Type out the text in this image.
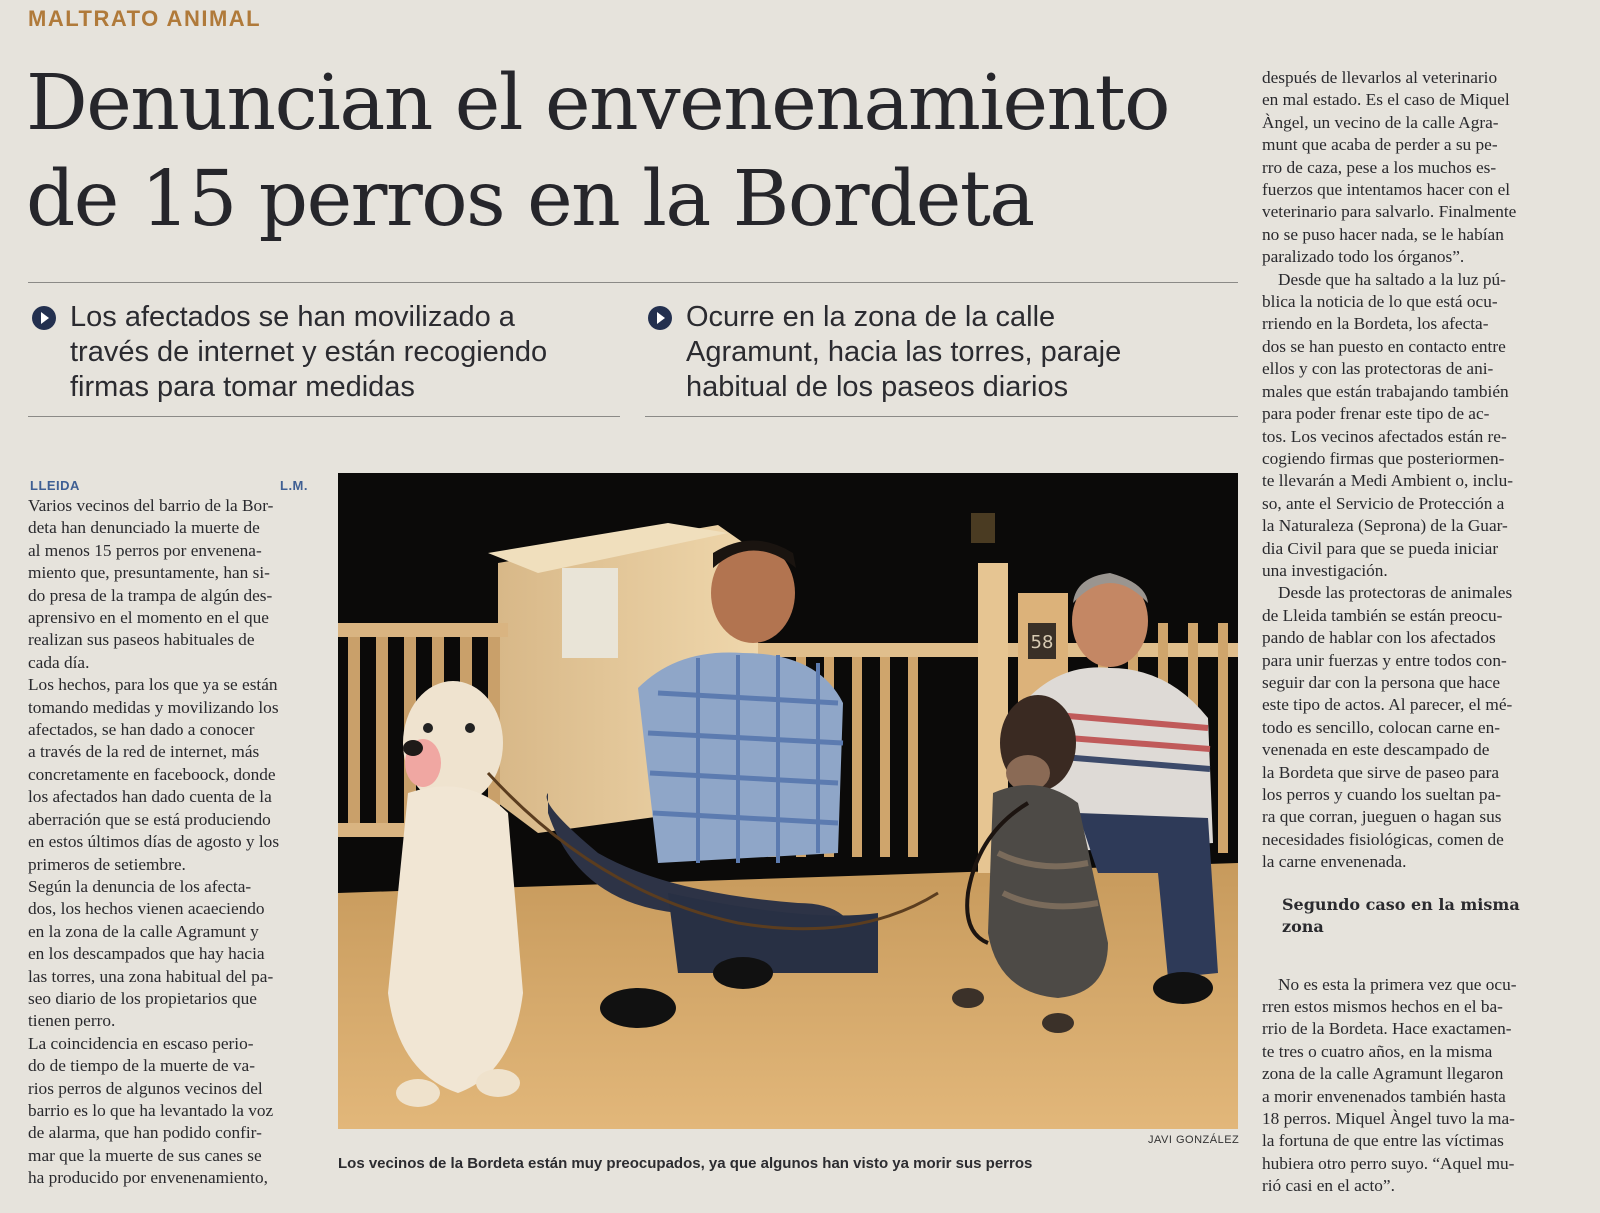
MALTRATO ANIMAL
Denuncian el envenenamiento
de 15 perros en la Bordeta
Los afectados se han movilizado a
través de internet y están recogiendo
firmas para tomar medidas
Ocurre en la zona de la calle
Agramunt, hacia las torres, paraje
habitual de los paseos diarios
LLEIDA	L.M.

Varios vecinos del barrio de la Bor-
deta han denunciado la muerte de
al menos 15 perros por envenena-
miento que, presuntamente, han si-
do presa de la trampa de algún des-
aprensivo en el momento en el que
realizan sus paseos habituales de
cada día.

Los hechos, para los que ya se están
tomando medidas y movilizando los
afectados, se han dado a conocer
a través de la red de internet, más
concretamente en faceboock, donde
los afectados han dado cuenta de la
aberración que se está produciendo
en estos últimos días de agosto y los
primeros de setiembre.

Según la denuncia de los afecta-
dos, los hechos vienen acaeciendo
en la zona de la calle Agramunt y
en los descampados que hay hacia
las torres, una zona habitual del pa-
seo diario de los propietarios que
tienen perro.

La coincidencia en escaso perio-
do de tiempo de la muerte de va-
rios perros de algunos vecinos del
barrio es lo que ha levantado la voz
de alarma, que han podido confir-
mar que la muerte de sus canes se
ha producido por envenenamiento,

después de llevarlos al veterinario
en mal estado. Es el caso de Miquel
Àngel, un vecino de la calle Agra-
munt que acaba de perder a su pe-
rro de caza, pese a los muchos es-
fuerzos que intentamos hacer con el
veterinario para salvarlo. Finalmente
no se puso hacer nada, se le habían
paralizado todo los órganos”.

Desde que ha saltado a la luz pú-
blica la noticia de lo que está ocu-
rriendo en la Bordeta, los afecta-
dos se han puesto en contacto entre
ellos y con las protectoras de ani-
males que están trabajando también
para poder frenar este tipo de ac-
tos. Los vecinos afectados están re-
cogiendo firmas que posteriormen-
te llevarán a Medi Ambient o, inclu-
so, ante el Servicio de Protección a
la Naturaleza (Seprona) de la Guar-
dia Civil para que se pueda iniciar
una investigación.

Desde las protectoras de animales
de Lleida también se están preocu-
pando de hablar con los afectados
para unir fuerzas y entre todos con-
seguir dar con la persona que hace
este tipo de actos. Al parecer, el mé-
todo es sencillo, colocan carne en-
venenada en este descampado de
la Bordeta que sirve de paseo para
los perros y cuando los sueltan pa-
ra que corran, jueguen o hagan sus
necesidades fisiológicas, comen de
la carne envenenada.

Segundo caso en la misma
zona

No es esta la primera vez que ocu-
rren estos mismos hechos en el ba-
rrio de la Bordeta. Hace exactamen-
te tres o cuatro años, en la misma
zona de la calle Agramunt llegaron
a morir envenenados también hasta
18 perros. Miquel Àngel tuvo la ma-
la fortuna de que entre las víctimas
hubiera otro perro suyo. “Aquel mu-
rió casi en el acto”.

58
JAVI GONZÁLEZ
Los vecinos de la Bordeta están muy preocupados, ya que algunos han visto ya morir sus perros
